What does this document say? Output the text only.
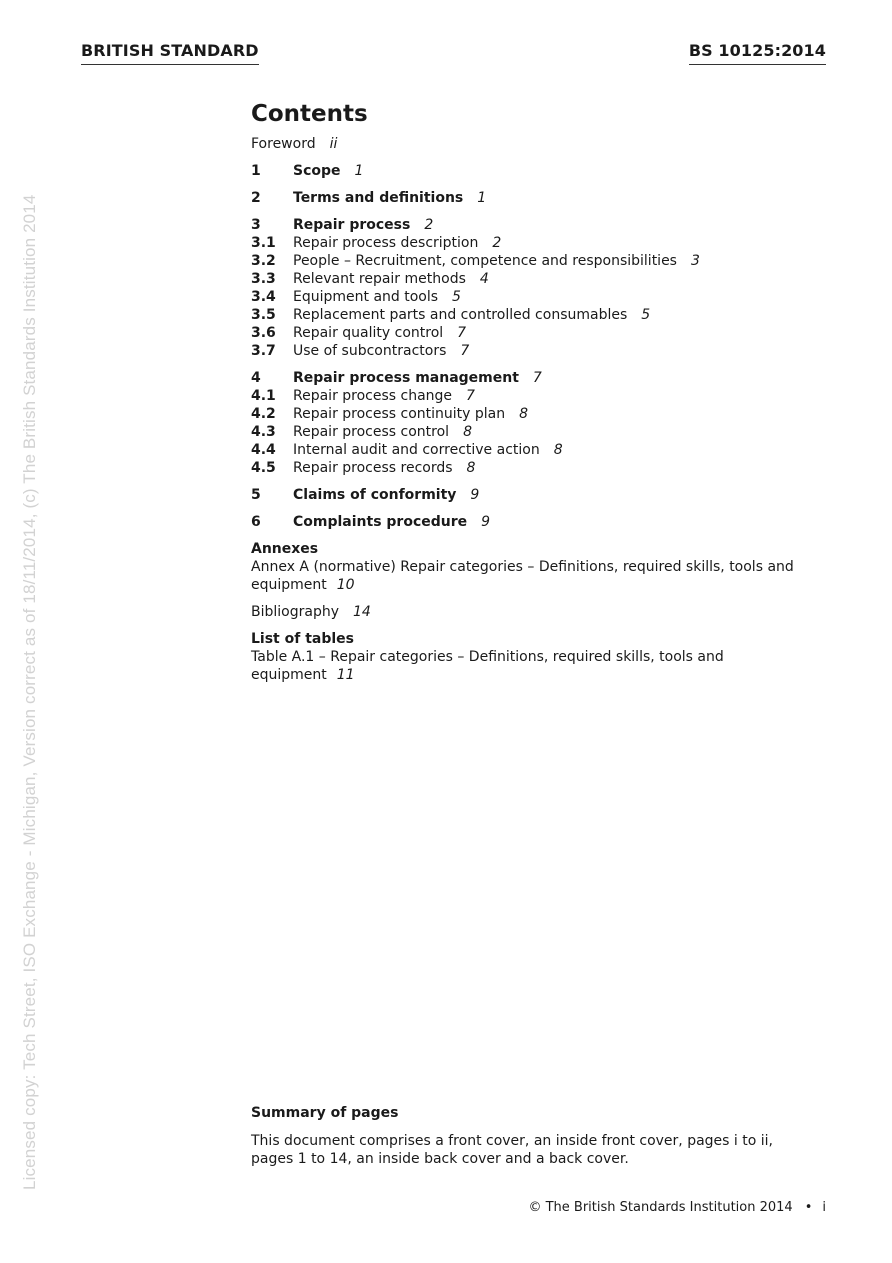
BRITISH STANDARD	BS 10125:2014
Licensed copy: Tech Street, ISO Exchange - Michigan, Version correct as of 18/11/2014, (c) The British Standards Institution 2014
Contents
Foreword ii
1	Scope 1
2	Terms and definitions 1
3	Repair process 2
3.1	Repair process description 2
3.2	People – Recruitment, competence and responsibilities 3
3.3	Relevant repair methods 4
3.4	Equipment and tools 5
3.5	Replacement parts and controlled consumables 5
3.6	Repair quality control 7
3.7	Use of subcontractors 7
4	Repair process management 7
4.1	Repair process change 7
4.2	Repair process continuity plan 8
4.3	Repair process control 8
4.4	Internal audit and corrective action 8
4.5	Repair process records 8
5	Claims of conformity 9
6	Complaints procedure 9
Annexes
Annex A (normative) Repair categories – Definitions, required skills, tools and equipment 10
Bibliography 14
List of tables
Table A.1 – Repair categories – Definitions, required skills, tools and equipment 11
Summary of pages
This document comprises a front cover, an inside front cover, pages i to ii, pages 1 to 14, an inside back cover and a back cover.
© The British Standards Institution 2014 • i
